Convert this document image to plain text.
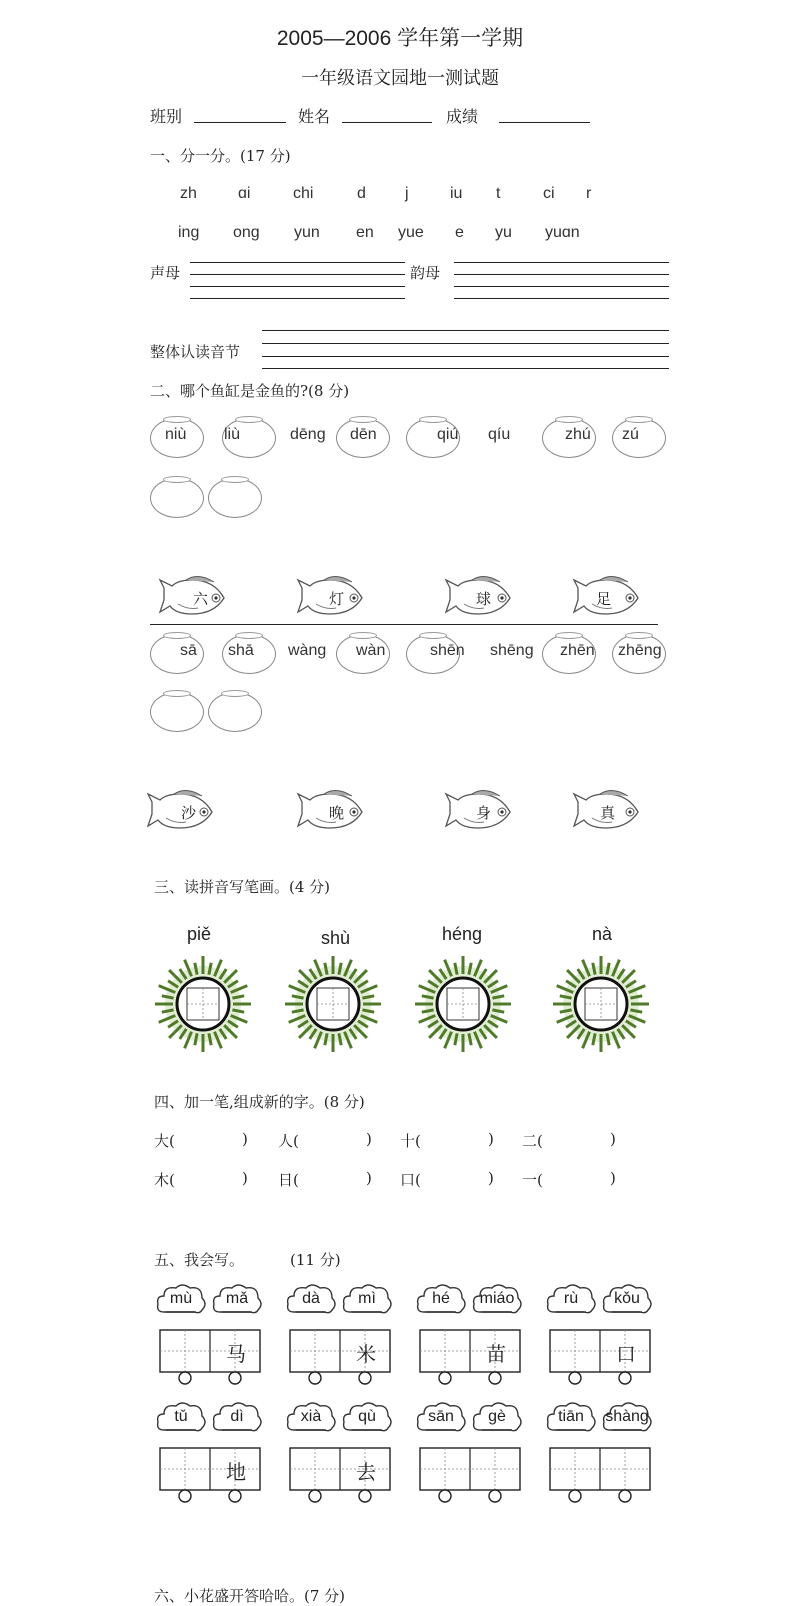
2005—2006 学年第一学期
一年级语文园地一测试题
班别	姓名	成绩
一、分一分。(17 分)
zh	ɑi	chi	d j	iu t	ci r
ing ong yun en yue e yu yuɑn
声母	韵母
整体认读音节
二、哪个鱼缸是金鱼的?(8 分)
niù liù	dēng dēn	qiú qíu	zhú zú
六	灯	球	足
sā shā wàng wàn	shēn shēng zhēn zhēng
沙	晚	身	真
三、读拼音写笔画。(4 分)
piě	shù	héng	nà
四、加一笔,组成新的字。(8 分)
大(	) 人(	) 十(	) 二(	)
木(	) 日(	) 口(	) 一(	)
五、我会写。	(11 分)
mù	mǎ
马
dà	mì
米
hé	miáo
苗
rù	kǒu
口
tǔ	dì
地
xià	qù
去
sān	gè	tiān	shàng
六、小花盛开答哈哈。(7 分)
